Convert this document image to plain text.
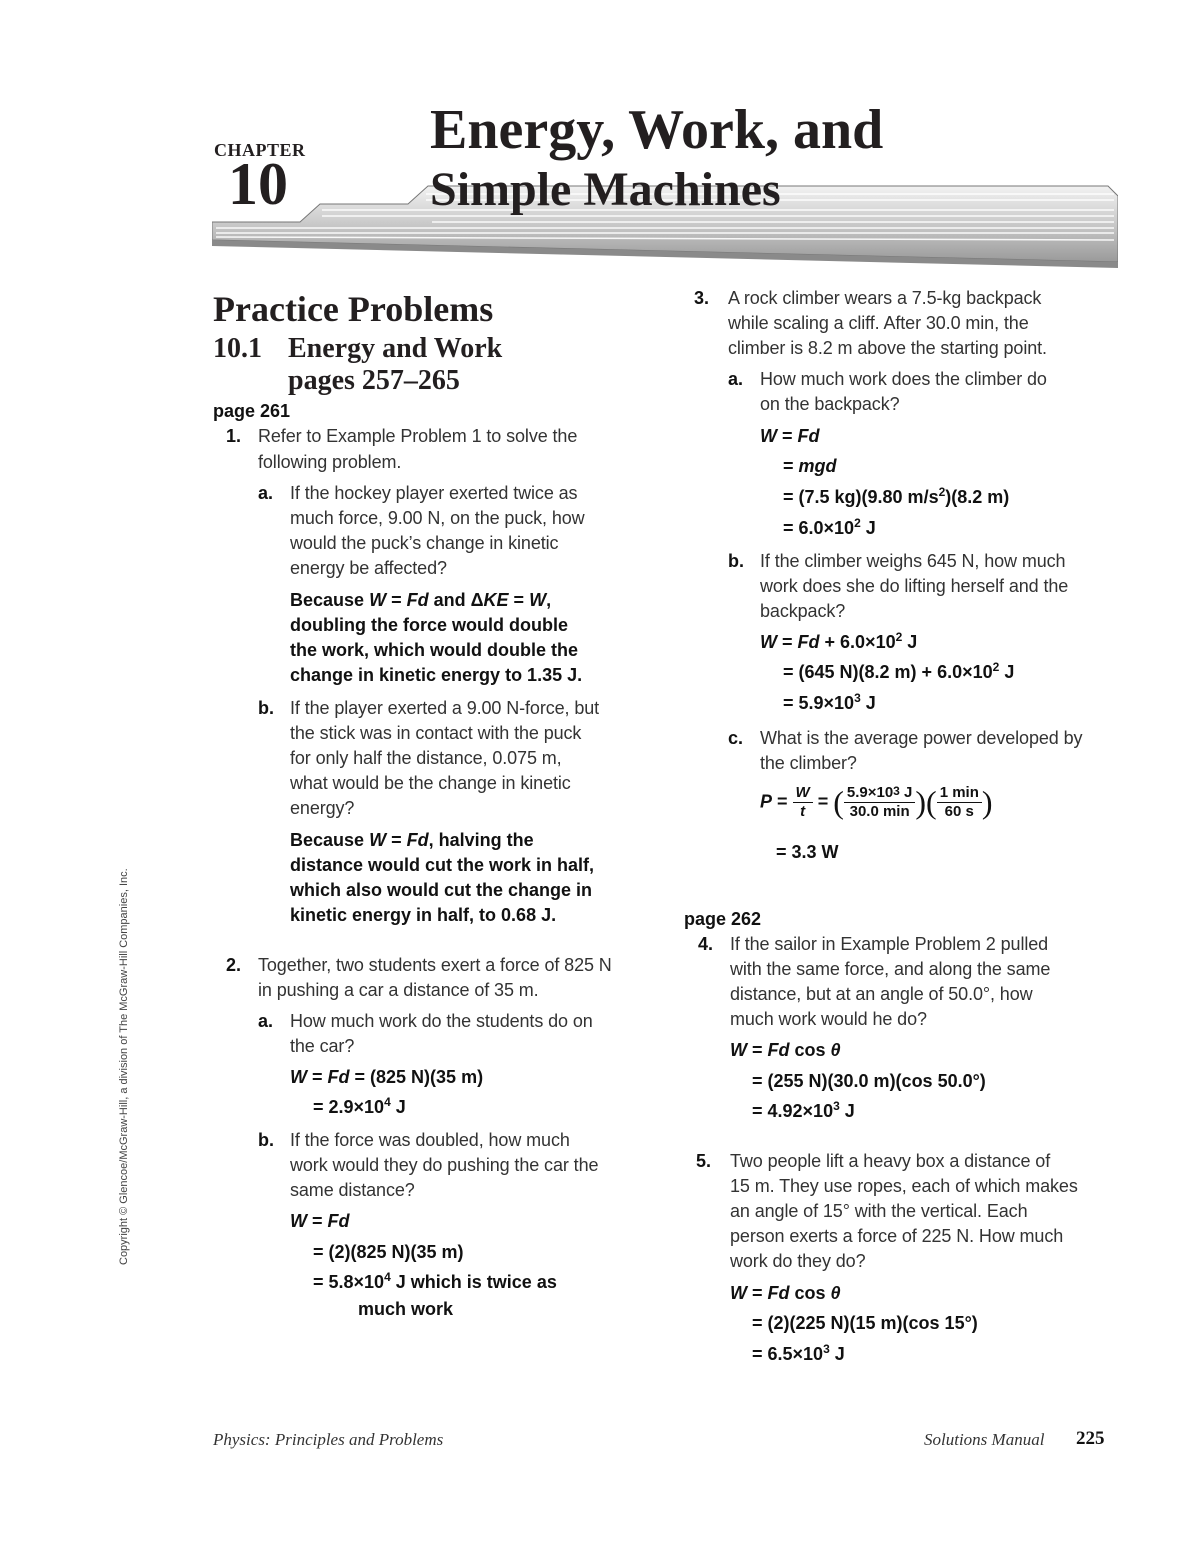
CHAPTER
10
Energy, Work, and
Simple Machines
Practice Problems
10.1 Energy and Work
pages 257–265
page 261
1. Refer to Example Problem 1 to solve the
following problem.
a. If the hockey player exerted twice as
much force, 9.00 N, on the puck, how
would the puck’s change in kinetic
energy be affected?
Because W = Fd and ΔKE = W,
doubling the force would double
the work, which would double the
change in kinetic energy to 1.35 J.
b. If the player exerted a 9.00 N-force, but
the stick was in contact with the puck
for only half the distance, 0.075 m,
what would be the change in kinetic
energy?
Because W = Fd, halving the
distance would cut the work in half,
which also would cut the change in
kinetic energy in half, to 0.68 J.
2. Together, two students exert a force of 825 N
in pushing a car a distance of 35 m.
a. How much work do the students do on
the car?
W = Fd = (825 N)(35 m)
= $2.9\times 10^4$ J
b. If the force was doubled, how much
work would they do pushing the car the
same distance?
W = Fd
= (2)(825 N)(35 m)
= $5.8\times 10^4$ J which is twice as
much work
3. A rock climber wears a 7.5-kg backpack
while scaling a cliff. After 30.0 min, the
climber is 8.2 m above the starting point.
a. How much work does the climber do
on the backpack?
W = Fd
= mgd
= (7.5 kg)(9.80 $m/s^2)(8.2$ m)
= $6.0\times 10^2$ J
b. If the climber weighs 645 N, how much
work does she do lifting herself and the
backpack?
$W = Fd + 6.0\times 10^2$ J
= (645 N)(8.2 $m) + 6.0\times 10^2$ J
= $5.9\times 10^3$ J
c. What is the average power developed by
the climber?
$P = \frac{W}{t}$ = ( $\frac{5.9\times 10^3 J}{30.0 \min}$ )( $\frac{1 \min}{60 s}$ )
= 3.3 W
page 262
4. If the sailor in Example Problem 2 pulled
with the same force, and along the same
distance, but at an angle of 50.0°, how
much work would he do?
W = Fd cos θ
= (255 N)(30.0 m)(cos 50.0°)
= $4.92\times 10^3$ J
5. Two people lift a heavy box a distance of
15 m. They use ropes, each of which makes
an angle of 15° with the vertical. Each
person exerts a force of 225 N. How much
work do they do?
W = Fd cos θ
= (2)(225 N)(15 m)(cos 15°)
= $6.5\times 10^3$ J
Copyright © Glencoe/McGraw-Hill, a division of The McGraw-Hill Companies, Inc.
Physics: Principles and Problems	Solutions Manual 225
